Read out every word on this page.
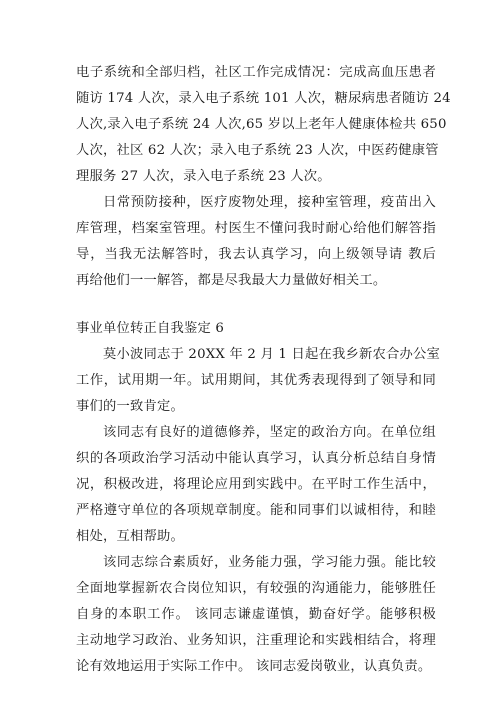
电子系统和全部归档，社区工作完成情况：完成高血压患者
随访 174 人次，录入电子系统 101 人次，糖尿病患者随访 24
人次,录入电子系统 24 人次,65 岁以上老年人健康体检共 650
人次，社区 62 人次；录入电子系统 23 人次，中医药健康管
理服务 27 人次，录入电子系统 23 人次。
日常预防接种，医疗废物处理，接种室管理，疫苗出入
库管理，档案室管理。村医生不懂问我时耐心给他们解答指
导，当我无法解答时，我去认真学习，向上级领导请 教后
再给他们一一解答，都是尽我最大力量做好相关工。
事业单位转正自我鉴定 6
莫小波同志于 20XX 年 2 月 1 日起在我乡新农合办公室
工作，试用期一年。试用期间，其优秀表现得到了领导和同
事们的一致肯定。
该同志有良好的道德修养，坚定的政治方向。在单位组
织的各项政治学习活动中能认真学习，认真分析总结自身情
况，积极改进，将理论应用到实践中。在平时工作生活中，
严格遵守单位的各项规章制度。能和同事们以诚相待，和睦
相处，互相帮助。
该同志综合素质好，业务能力强，学习能力强。能比较
全面地掌握新农合岗位知识，有较强的沟通能力，能够胜任
自身的本职工作。 该同志谦虚谨慎，勤奋好学。能够积极
主动地学习政治、业务知识，注重理论和实践相结合，将理
论有效地运用于实际工作中。 该同志爱岗敬业，认真负责。
